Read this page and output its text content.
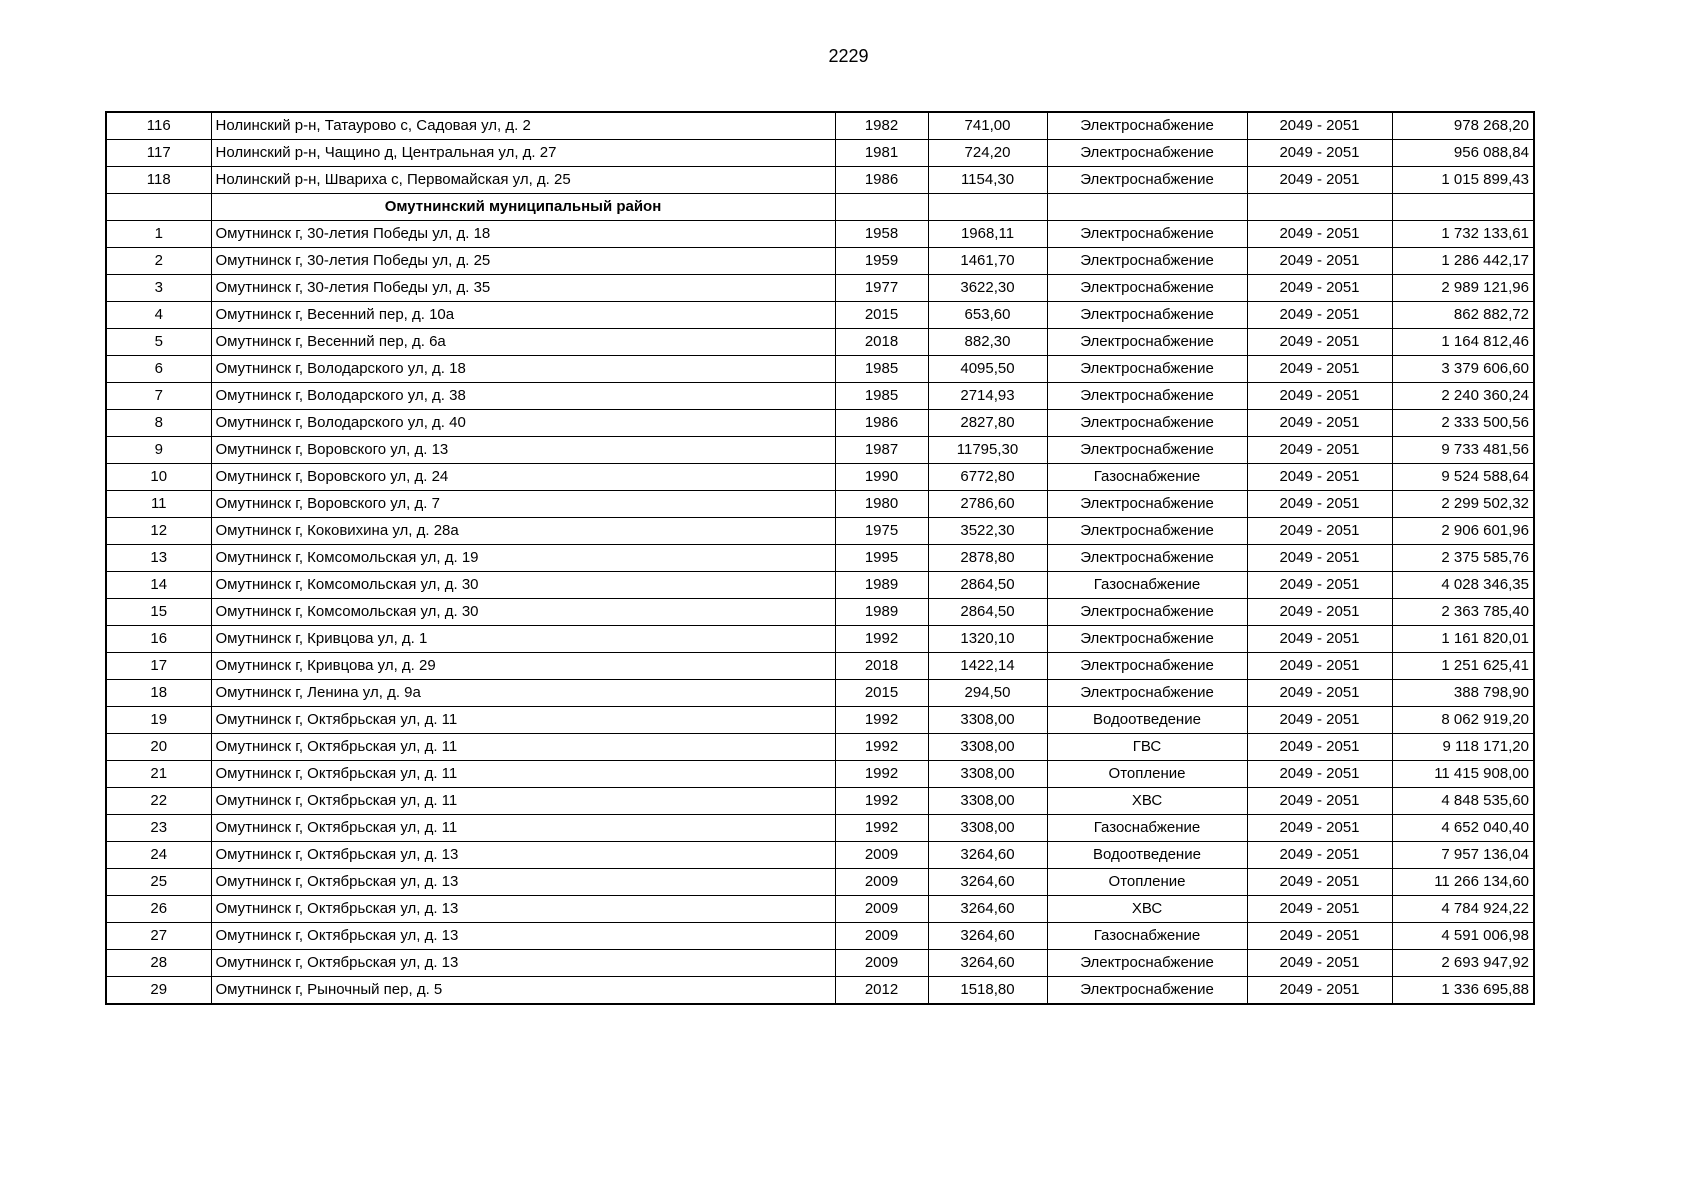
2229
116	Нолинский р-н, Татаурово с, Садовая ул, д. 2	1982	741,00	Электроснабжение	2049 - 2051	978 268,20
117	Нолинский р-н, Чащино д, Центральная ул, д. 27	1981	724,20	Электроснабжение	2049 - 2051	956 088,84
118	Нолинский р-н, Швариха с, Первомайская ул, д. 25	1986	1154,30	Электроснабжение	2049 - 2051	1 015 899,43
	Омутнинский муниципальный район					
1	Омутнинск г, 30-летия Победы ул, д. 18	1958	1968,11	Электроснабжение	2049 - 2051	1 732 133,61
2	Омутнинск г, 30-летия Победы ул, д. 25	1959	1461,70	Электроснабжение	2049 - 2051	1 286 442,17
3	Омутнинск г, 30-летия Победы ул, д. 35	1977	3622,30	Электроснабжение	2049 - 2051	2 989 121,96
4	Омутнинск г, Весенний пер, д. 10а	2015	653,60	Электроснабжение	2049 - 2051	862 882,72
5	Омутнинск г, Весенний пер, д. 6а	2018	882,30	Электроснабжение	2049 - 2051	1 164 812,46
6	Омутнинск г, Володарского ул, д. 18	1985	4095,50	Электроснабжение	2049 - 2051	3 379 606,60
7	Омутнинск г, Володарского ул, д. 38	1985	2714,93	Электроснабжение	2049 - 2051	2 240 360,24
8	Омутнинск г, Володарского ул, д. 40	1986	2827,80	Электроснабжение	2049 - 2051	2 333 500,56
9	Омутнинск г, Воровского ул, д. 13	1987	11795,30	Электроснабжение	2049 - 2051	9 733 481,56
10	Омутнинск г, Воровского ул, д. 24	1990	6772,80	Газоснабжение	2049 - 2051	9 524 588,64
11	Омутнинск г, Воровского ул, д. 7	1980	2786,60	Электроснабжение	2049 - 2051	2 299 502,32
12	Омутнинск г, Коковихина ул, д. 28а	1975	3522,30	Электроснабжение	2049 - 2051	2 906 601,96
13	Омутнинск г, Комсомольская ул, д. 19	1995	2878,80	Электроснабжение	2049 - 2051	2 375 585,76
14	Омутнинск г, Комсомольская ул, д. 30	1989	2864,50	Газоснабжение	2049 - 2051	4 028 346,35
15	Омутнинск г, Комсомольская ул, д. 30	1989	2864,50	Электроснабжение	2049 - 2051	2 363 785,40
16	Омутнинск г, Кривцова ул, д. 1	1992	1320,10	Электроснабжение	2049 - 2051	1 161 820,01
17	Омутнинск г, Кривцова ул, д. 29	2018	1422,14	Электроснабжение	2049 - 2051	1 251 625,41
18	Омутнинск г, Ленина ул, д. 9а	2015	294,50	Электроснабжение	2049 - 2051	388 798,90
19	Омутнинск г, Октябрьская ул, д. 11	1992	3308,00	Водоотведение	2049 - 2051	8 062 919,20
20	Омутнинск г, Октябрьская ул, д. 11	1992	3308,00	ГВС	2049 - 2051	9 118 171,20
21	Омутнинск г, Октябрьская ул, д. 11	1992	3308,00	Отопление	2049 - 2051	11 415 908,00
22	Омутнинск г, Октябрьская ул, д. 11	1992	3308,00	ХВС	2049 - 2051	4 848 535,60
23	Омутнинск г, Октябрьская ул, д. 11	1992	3308,00	Газоснабжение	2049 - 2051	4 652 040,40
24	Омутнинск г, Октябрьская ул, д. 13	2009	3264,60	Водоотведение	2049 - 2051	7 957 136,04
25	Омутнинск г, Октябрьская ул, д. 13	2009	3264,60	Отопление	2049 - 2051	11 266 134,60
26	Омутнинск г, Октябрьская ул, д. 13	2009	3264,60	ХВС	2049 - 2051	4 784 924,22
27	Омутнинск г, Октябрьская ул, д. 13	2009	3264,60	Газоснабжение	2049 - 2051	4 591 006,98
28	Омутнинск г, Октябрьская ул, д. 13	2009	3264,60	Электроснабжение	2049 - 2051	2 693 947,92
29	Омутнинск г, Рыночный пер, д. 5	2012	1518,80	Электроснабжение	2049 - 2051	1 336 695,88
